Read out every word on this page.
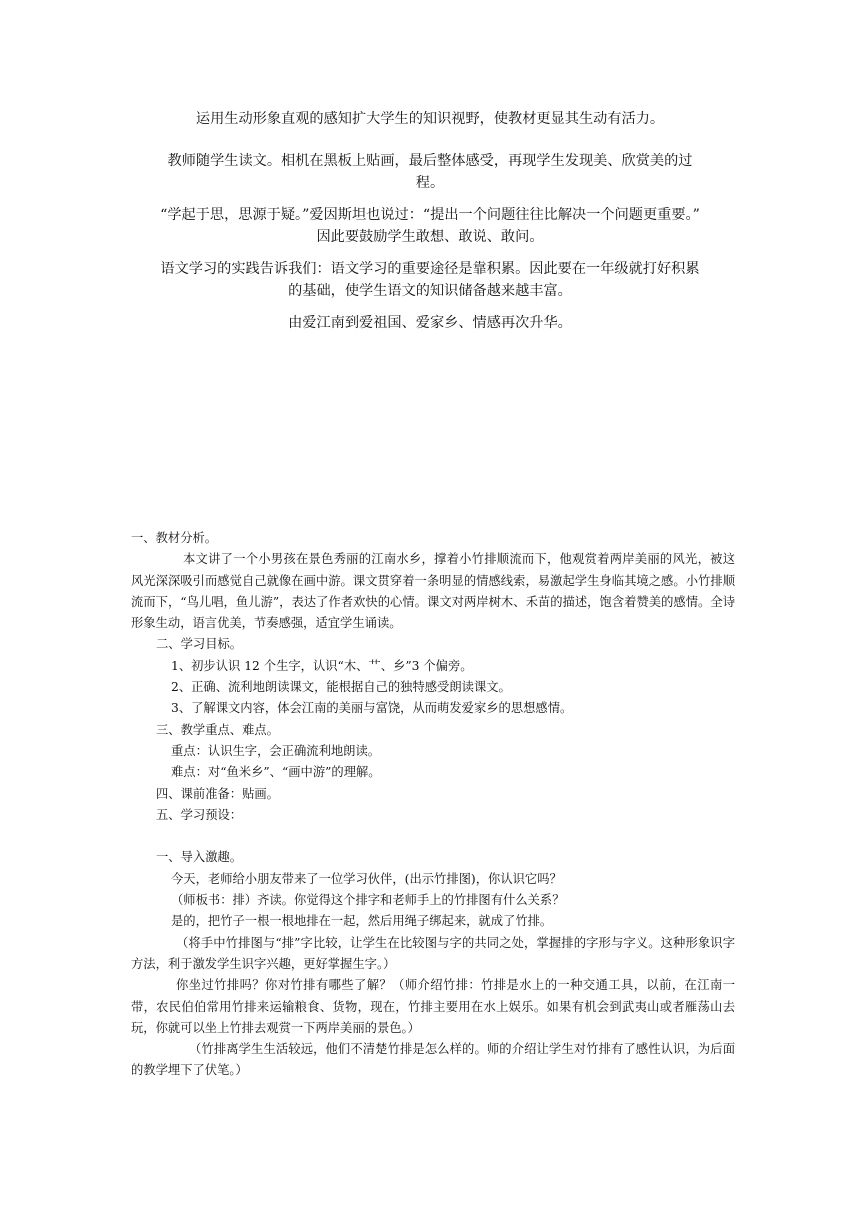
运用生动形象直观的感知扩大学生的知识视野，使教材更显其生动有活力。

教师随学生读文。相机在黑板上贴画，最后整体感受，再现学生发现美、欣赏美的过程。

“学起于思，思源于疑。”爱因斯坦也说过：“提出一个问题往往比解决一个问题更重要。” 因此要鼓励学生敢想、敢说、敢问。

语文学习的实践告诉我们：语文学习的重要途径是靠积累。因此要在一年级就打好积累的基础，使学生语文的知识储备越来越丰富。

由爱江南到爱祖国、爱家乡、情感再次升华。

一、教材分析。

本文讲了一个小男孩在景色秀丽的江南水乡，撑着小竹排顺流而下，他观赏着两岸美丽的风光，被这风光深深吸引而感觉自己就像在画中游。课文贯穿着一条明显的情感线索，易激起学生身临其境之感。小竹排顺流而下，“鸟儿唱，鱼儿游”，表达了作者欢快的心情。课文对两岸树木、禾苗的描述，饱含着赞美的感情。全诗形象生动，语言优美，节奏感强，适宜学生诵读。

二、学习目标。

1、初步认识 12 个生字，认识“木、艹、乡”3 个偏旁。

2、正确、流利地朗读课文，能根据自己的独特感受朗读课文。

3、了解课文内容，体会江南的美丽与富饶，从而萌发爱家乡的思想感情。

三、教学重点、难点。

重点：认识生字，会正确流利地朗读。

难点：对“鱼米乡”、“画中游”的理解。

四、课前准备：贴画。

五、学习预设：

一、导入激趣。

今天，老师给小朋友带来了一位学习伙伴，(出示竹排图)，你认识它吗？

（师板书：排）齐读。你觉得这个排字和老师手上的竹排图有什么关系？

是的，把竹子一根一根地排在一起，然后用绳子绑起来，就成了竹排。

（将手中竹排图与“排”字比较，让学生在比较图与字的共同之处，掌握排的字形与字义。这种形象识字方法，利于激发学生识字兴趣，更好掌握生字。）

你坐过竹排吗？你对竹排有哪些了解？（师介绍竹排：竹排是水上的一种交通工具，以前，在江南一带，农民伯伯常用竹排来运输粮食、货物，现在，竹排主要用在水上娱乐。如果有机会到武夷山或者雁荡山去玩，你就可以坐上竹排去观赏一下两岸美丽的景色。）

（竹排离学生生活较远，他们不清楚竹排是怎么样的。师的介绍让学生对竹排有了感性认识，为后面的教学埋下了伏笔。）
